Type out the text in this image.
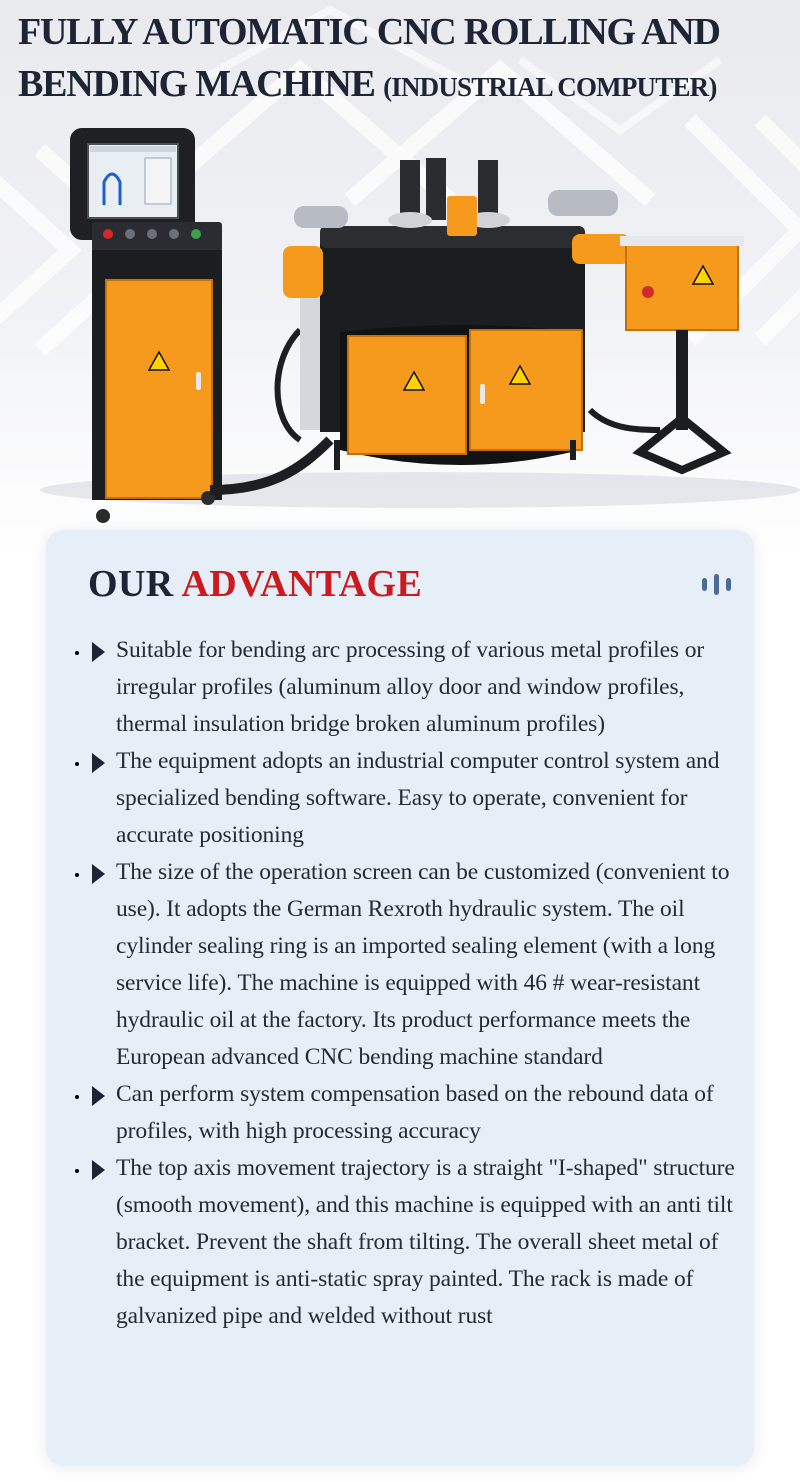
FULLY AUTOMATIC CNC ROLLING AND
BENDING MACHINE (INDUSTRIAL COMPUTER)
OUR ADVANTAGE
• Suitable for bending arc processing of various metal profiles or irregular profiles (aluminum alloy door and window profiles, thermal insulation bridge broken aluminum profiles)
• The equipment adopts an industrial computer control system and specialized bending software. Easy to operate, convenient for accurate positioning
• The size of the operation screen can be customized (convenient to use). It adopts the German Rexroth hydraulic system. The oil cylinder sealing ring is an imported sealing element (with a long service life). The machine is equipped with 46 # wear-resistant hydraulic oil at the factory. Its product performance meets the European advanced CNC bending machine standard
• Can perform system compensation based on the rebound data of profiles, with high processing accuracy
• The top axis movement trajectory is a straight "I-shaped" structure (smooth movement), and this machine is equipped with an anti tilt bracket. Prevent the shaft from tilting. The overall sheet metal of the equipment is anti-static spray painted. The rack is made of galvanized pipe and welded without rust
